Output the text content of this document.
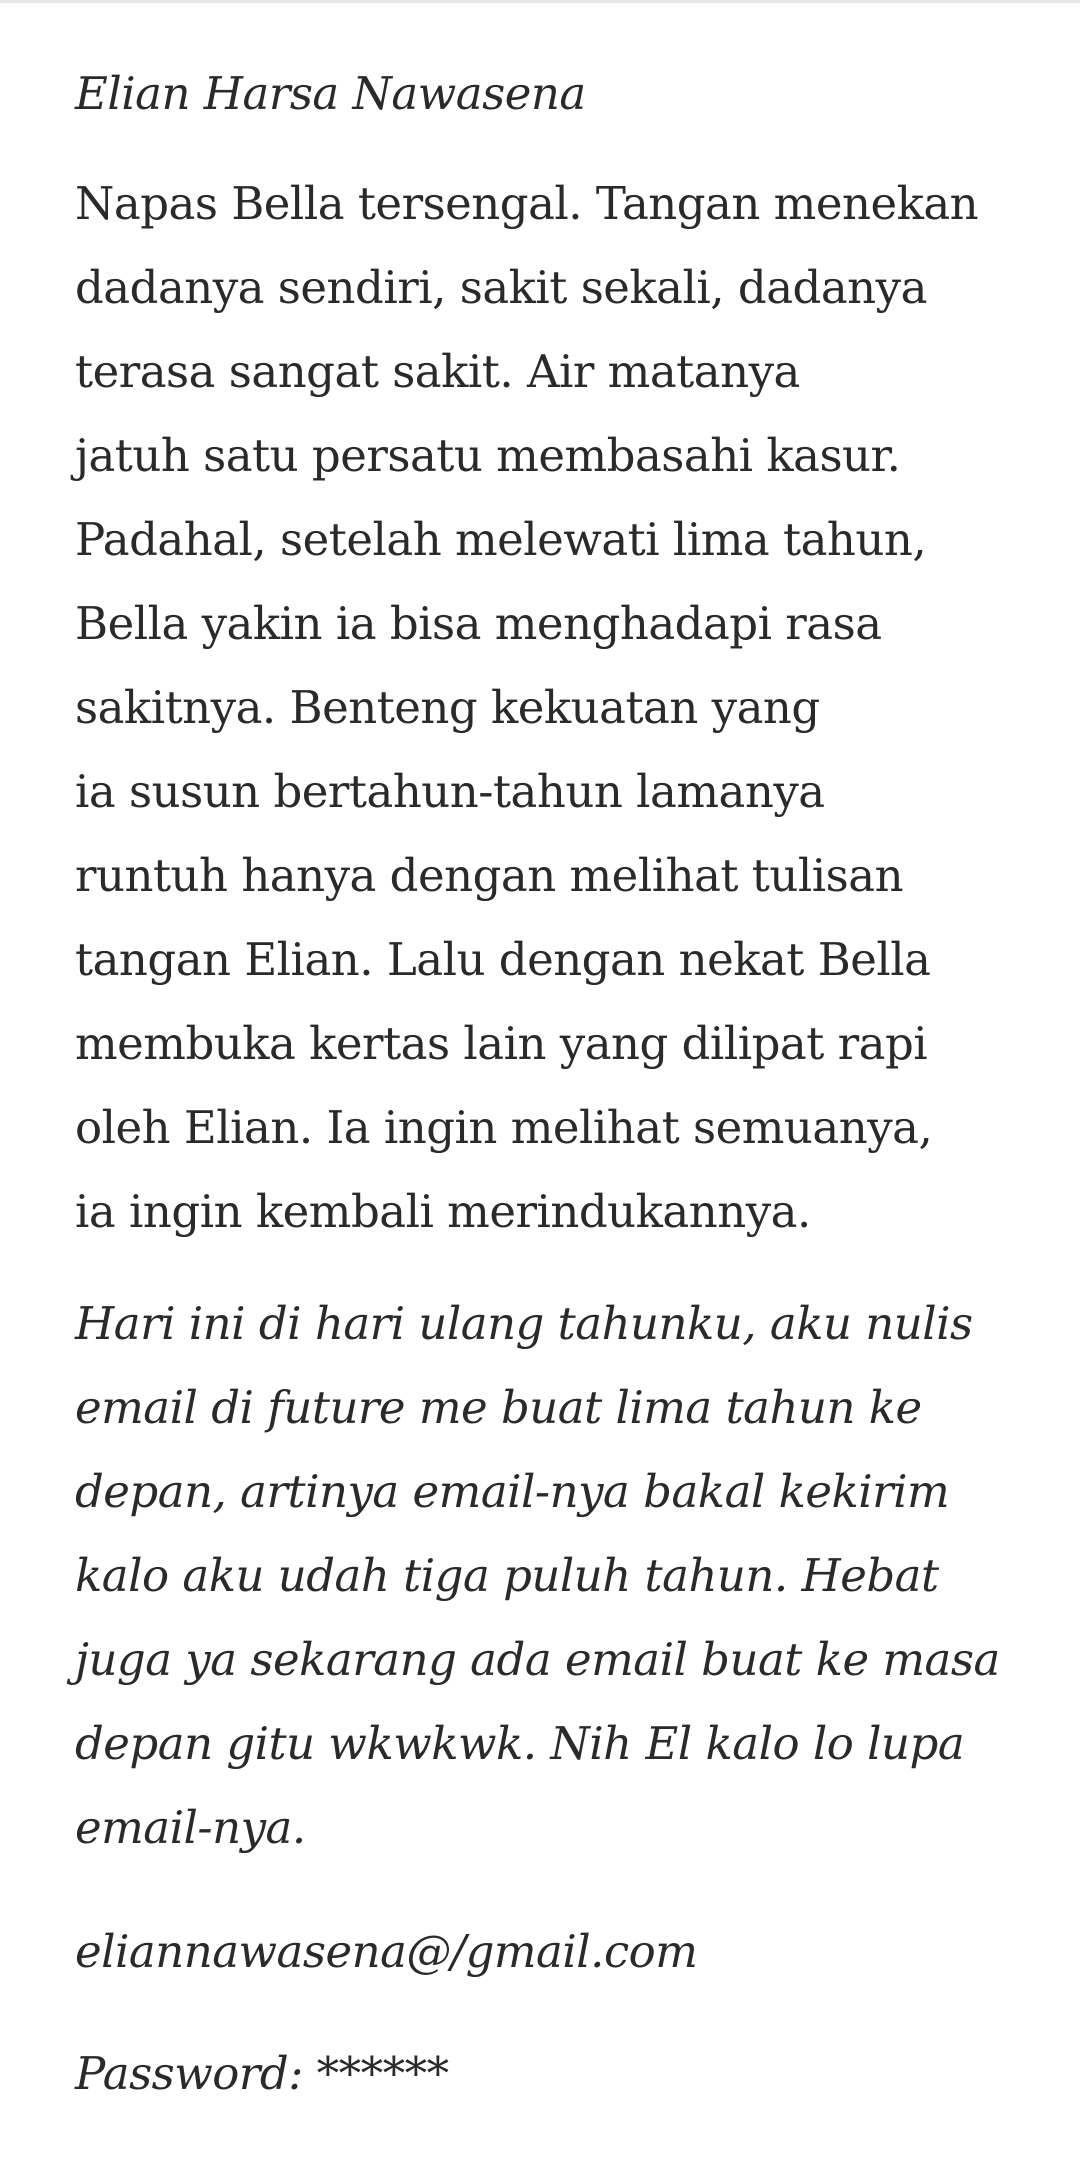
Elian Harsa Nawasena
Napas Bella tersengal. Tangan menekan
dadanya sendiri, sakit sekali, dadanya
terasa sangat sakit. Air matanya
jatuh satu persatu membasahi kasur.
Padahal, setelah melewati lima tahun,
Bella yakin ia bisa menghadapi rasa
sakitnya. Benteng kekuatan yang
ia susun bertahun-tahun lamanya
runtuh hanya dengan melihat tulisan
tangan Elian. Lalu dengan nekat Bella
membuka kertas lain yang dilipat rapi
oleh Elian. Ia ingin melihat semuanya,
ia ingin kembali merindukannya.
Hari ini di hari ulang tahunku, aku nulis
email di future me buat lima tahun ke
depan, artinya email-nya bakal kekirim
kalo aku udah tiga puluh tahun. Hebat
juga ya sekarang ada email buat ke masa
depan gitu wkwkwk. Nih El kalo lo lupa
email-nya.
eliannawasena@/gmail.com
Password: ******
